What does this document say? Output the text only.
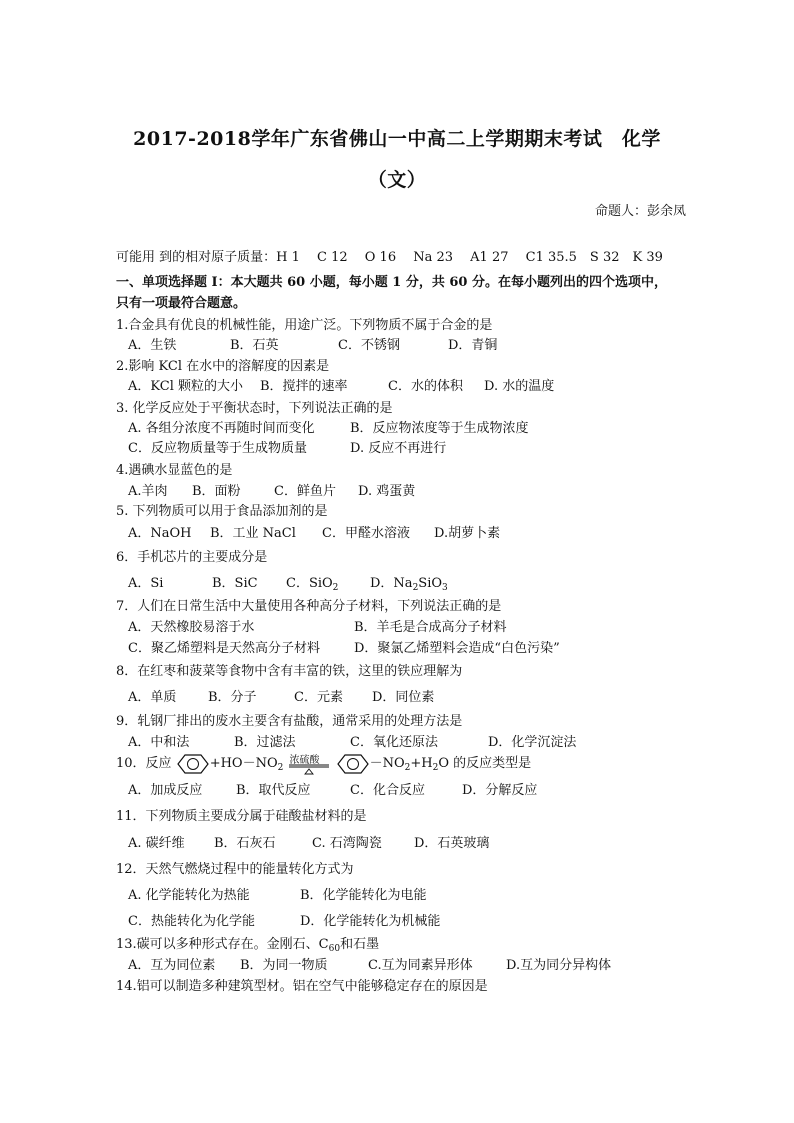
2017-2018学年广东省佛山一中高二上学期期末考试　化学
（文）
命题人：彭余凤
可能用 到的相对原子质量：H 1　 C 12　 O 16　 Na 23　 A1 27　 C1 35.5　S 32　K 39
一、单项选择题 I：本大题共 60 小题，每小题 1 分，共 60 分。在每小题列出的四个选项中，
只有一项最符合题意。
1.合金具有优良的机械性能，用途广泛。下列物质不属于合金的是
A．生铁	B．石英	C．不锈钢	D．青铜
2.影响 KCl 在水中的溶解度的因素是
A．KCl 颗粒的大小 B．搅拌的速率	C．水的体积 D. 水的温度
3. 化学反应处于平衡状态时，下列说法正确的是
A. 各组分浓度不再随时间而变化	B．反应物浓度等于生成物浓度
C．反应物质量等于生成物质量	D. 反应不再进行
4.遇碘水显蓝色的是
A.羊肉 B．面粉	C．鲜鱼片 D. 鸡蛋黄
5. 下列物质可以用于食品添加剂的是
A．NaOH B．工业 NaCl C．甲醛水溶液 D.胡萝卜素
6．手机芯片的主要成分是
A．Si	B．SiC C．SiO$_2$ D．$Na_2SiO_3$
7．人们在日常生活中大量使用各种高分子材料，下列说法正确的是
A．天然橡胶易溶于水	B．羊毛是合成高分子材料
C．聚乙烯塑料是天然高分子材料	D．聚氯乙烯塑料会造成“白色污染”
8．在红枣和菠菜等食物中含有丰富的铁，这里的铁应理解为
A．单质 B．分子	C．元素 D．同位素
9．轧钢厂排出的废水主要含有盐酸，通常采用的处理方法是
A．中和法	B．过滤法	C．氧化还原法	D．化学沉淀法
10．反应	$+HO-NO_2$
浓硫酸	$-NO_2+H_2O$ 的反应类型是
A．加成反应	B．取代反应	C．化合反应	D．分解反应
11．下列物质主要成分属于硅酸盐材料的是
A. 碳纤维 B．石灰石	C. 石湾陶瓷 D．石英玻璃
12．天然气燃烧过程中的能量转化方式为
A. 化学能转化为热能	B．化学能转化为电能
C．热能转化为化学能	D．化学能转化为机械能
13.碳可以多种形式存在。金刚石、$C_{60}$和石墨
A．互为同位素 B．为同一物质	C.互为同素异形体	D.互为同分异构体
14.铝可以制造多种建筑型材。铝在空气中能够稳定存在的原因是
